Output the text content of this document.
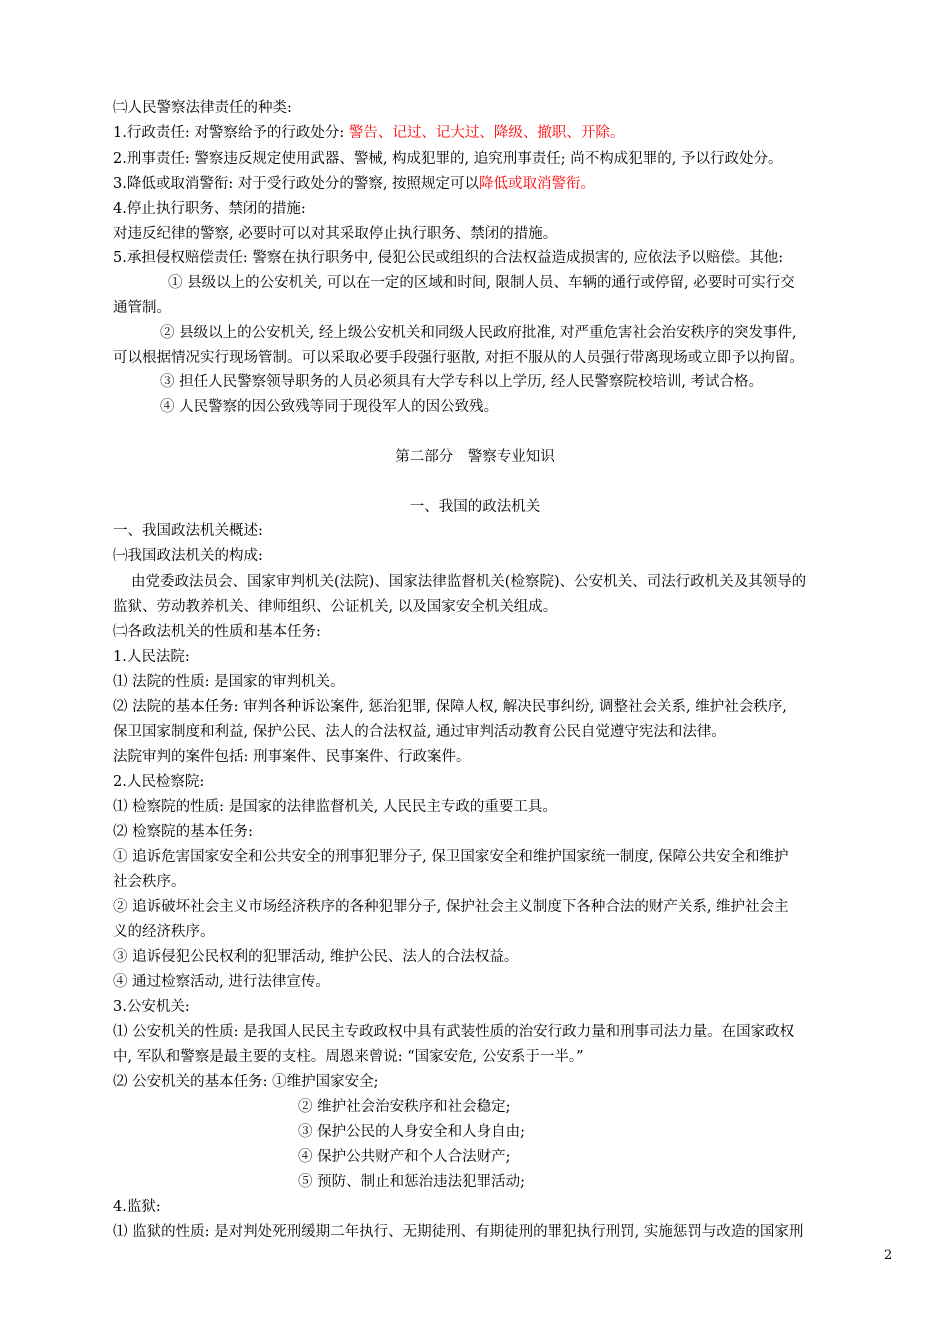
㈡人民警察法律责任的种类:
1.行政责任: 对警察给予的行政处分: 警告、记过、记大过、降级、撤职、开除。
2.刑事责任: 警察违反规定使用武器、警械, 构成犯罪的, 追究刑事责任; 尚不构成犯罪的, 予以行政处分。
3.降低或取消警衔: 对于受行政处分的警察, 按照规定可以降低或取消警衔。
4.停止执行职务、禁闭的措施:
对违反纪律的警察, 必要时可以对其采取停止执行职务、禁闭的措施。
5.承担侵权赔偿责任: 警察在执行职务中, 侵犯公民或组织的合法权益造成损害的, 应依法予以赔偿。其他:
① 县级以上的公安机关, 可以在一定的区域和时间, 限制人员、车辆的通行或停留, 必要时可实行交
通管制。
② 县级以上的公安机关, 经上级公安机关和同级人民政府批准, 对严重危害社会治安秩序的突发事件,
可以根据情况实行现场管制。可以采取必要手段强行驱散, 对拒不服从的人员强行带离现场或立即予以拘留。
③ 担任人民警察领导职务的人员必须具有大学专科以上学历, 经人民警察院校培训, 考试合格。
④ 人民警察的因公致残等同于现役军人的因公致残。
第二部分　警察专业知识
一、我国的政法机关
一、我国政法机关概述:
㈠我国政法机关的构成:
由党委政法员会、国家审判机关(法院)、国家法律监督机关(检察院)、公安机关、司法行政机关及其领导的
监狱、劳动教养机关、律师组织、公证机关, 以及国家安全机关组成。
㈡各政法机关的性质和基本任务:
1.人民法院:
⑴ 法院的性质: 是国家的审判机关。
⑵ 法院的基本任务: 审判各种诉讼案件, 惩治犯罪, 保障人权, 解决民事纠纷, 调整社会关系, 维护社会秩序,
保卫国家制度和利益, 保护公民、法人的合法权益, 通过审判活动教育公民自觉遵守宪法和法律。
法院审判的案件包括: 刑事案件、民事案件、行政案件。
2.人民检察院:
⑴ 检察院的性质: 是国家的法律监督机关, 人民民主专政的重要工具。
⑵ 检察院的基本任务:
① 追诉危害国家安全和公共安全的刑事犯罪分子, 保卫国家安全和维护国家统一制度, 保障公共安全和维护
社会秩序。
② 追诉破坏社会主义市场经济秩序的各种犯罪分子, 保护社会主义制度下各种合法的财产关系, 维护社会主
义的经济秩序。
③ 追诉侵犯公民权利的犯罪活动, 维护公民、法人的合法权益。
④ 通过检察活动, 进行法律宣传。
3.公安机关:
⑴ 公安机关的性质: 是我国人民民主专政政权中具有武装性质的治安行政力量和刑事司法力量。在国家政权
中, 军队和警察是最主要的支柱。周恩来曾说: “国家安危, 公安系于一半。”
⑵ 公安机关的基本任务: ①维护国家安全;
② 维护社会治安秩序和社会稳定;
③ 保护公民的人身安全和人身自由;
④ 保护公共财产和个人合法财产;
⑤ 预防、制止和惩治违法犯罪活动;
4.监狱:
⑴ 监狱的性质: 是对判处死刑缓期二年执行、无期徒刑、有期徒刑的罪犯执行刑罚, 实施惩罚与改造的国家刑
2
